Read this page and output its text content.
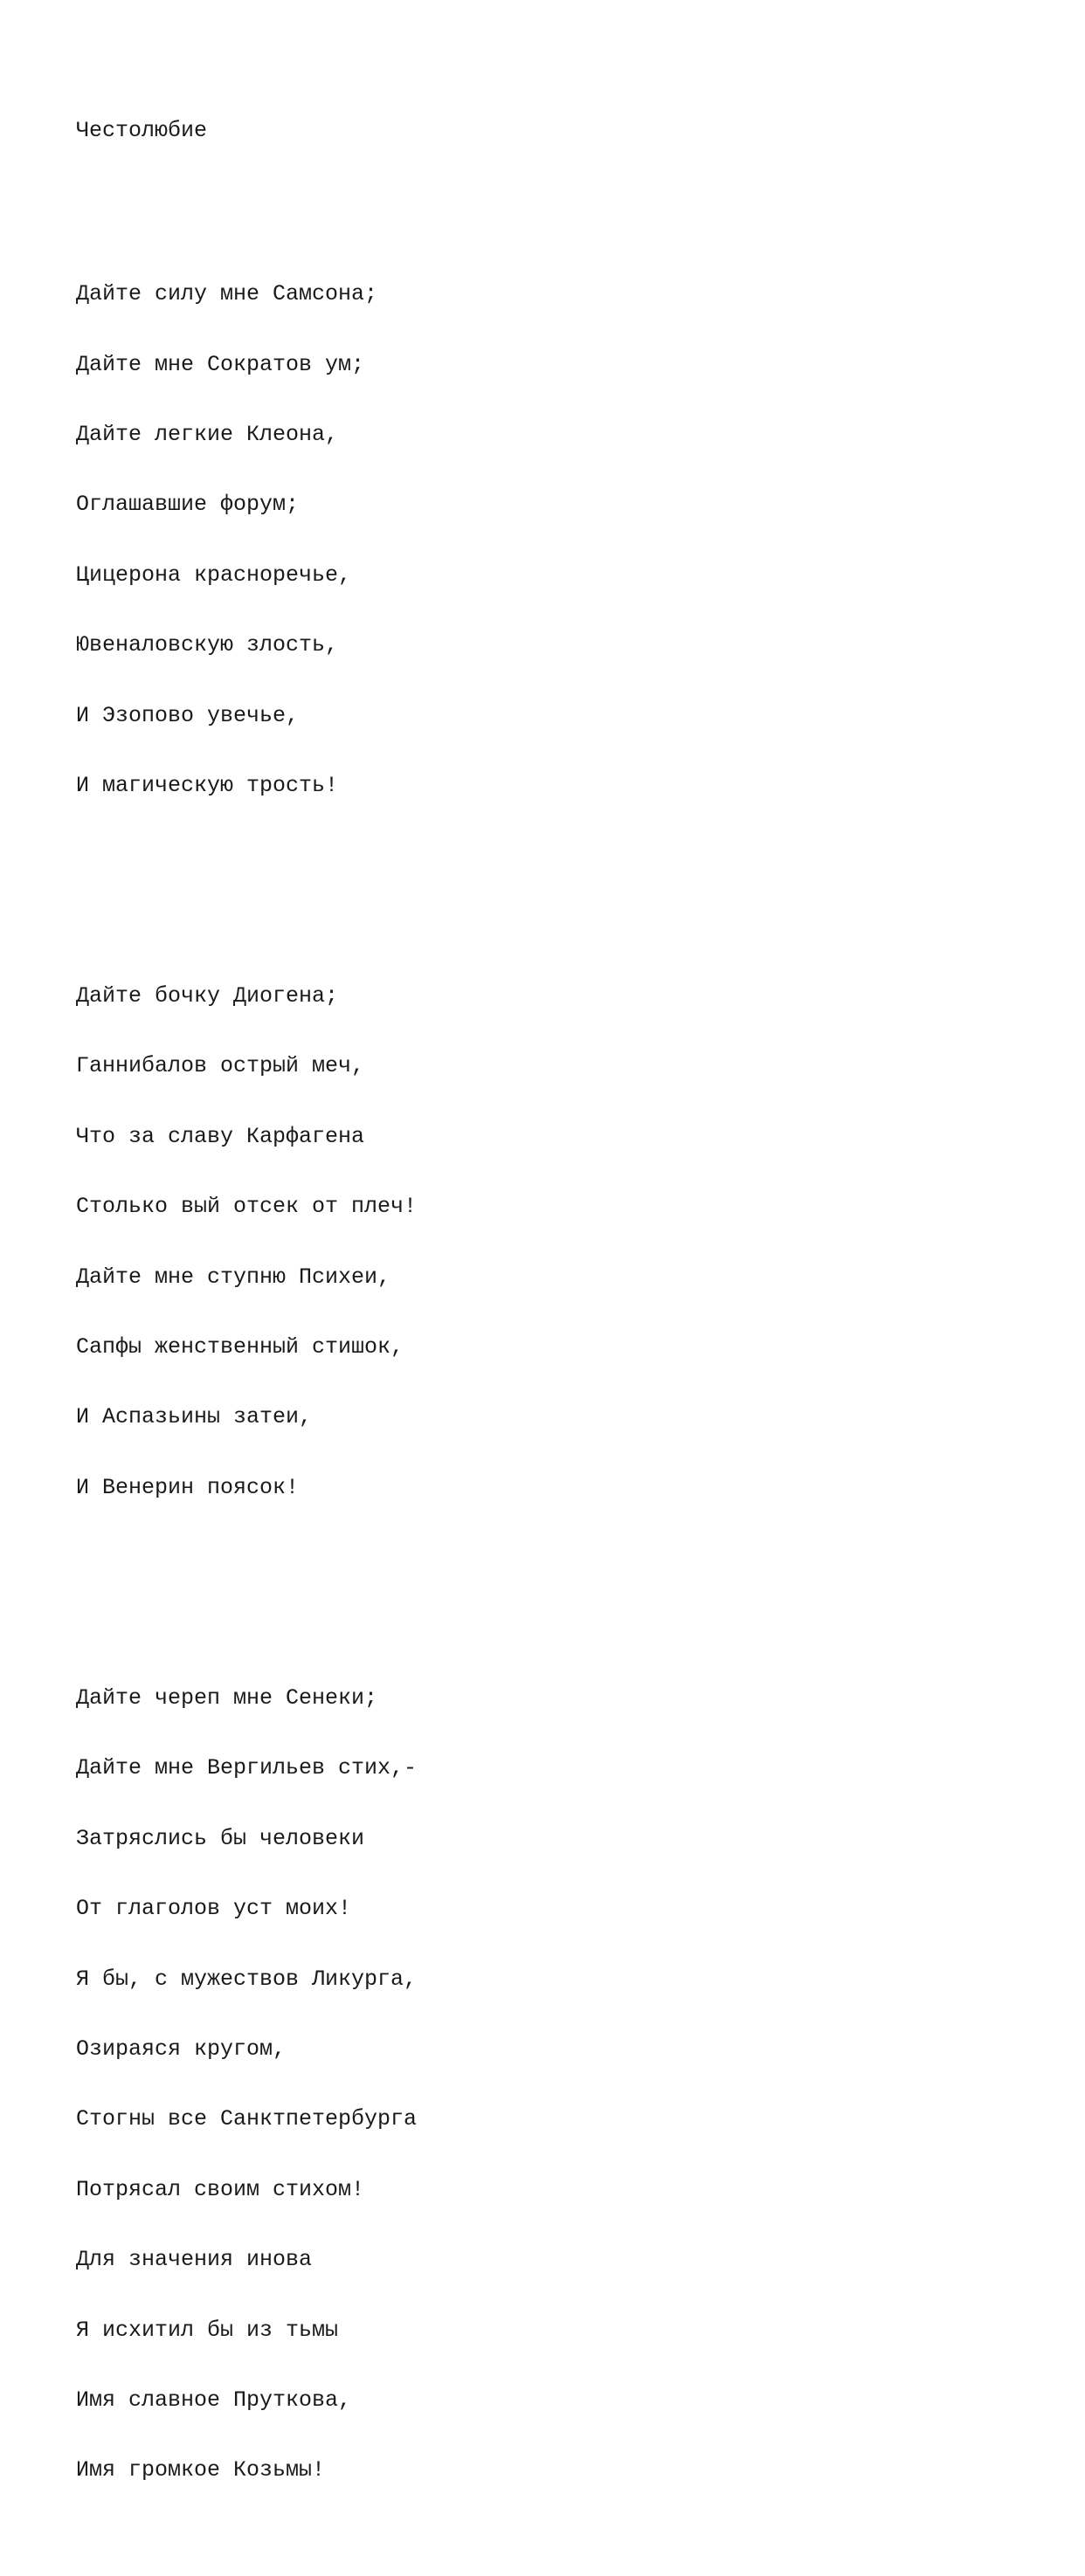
Честолюбие

Дайте силу мне Самсона;

Дайте мне Сократов ум;

Дайте легкие Клеона,

Оглашавшие форум;

Цицерона красноречье,

Ювеналовскую злость,

И Эзопово увечье,

И магическую трость!

Дайте бочку Диогена;

Ганнибалов острый меч,

Что за славу Карфагена

Столько вый отсек от плеч!

Дайте мне ступню Психеи,

Сапфы женственный стишок,

И Аспазьины затеи,

И Венерин поясок!

Дайте череп мне Сенеки;

Дайте мне Вергильев стих,-

Затряслись бы человеки

От глаголов уст моих!

Я бы, с мужествов Ликурга,

Озираяся кругом,

Стогны все Санктпетербурга

Потрясал своим стихом!

Для значения инова

Я исхитил бы из тьмы

Имя славное Пруткова,

Имя громкое Козьмы!
